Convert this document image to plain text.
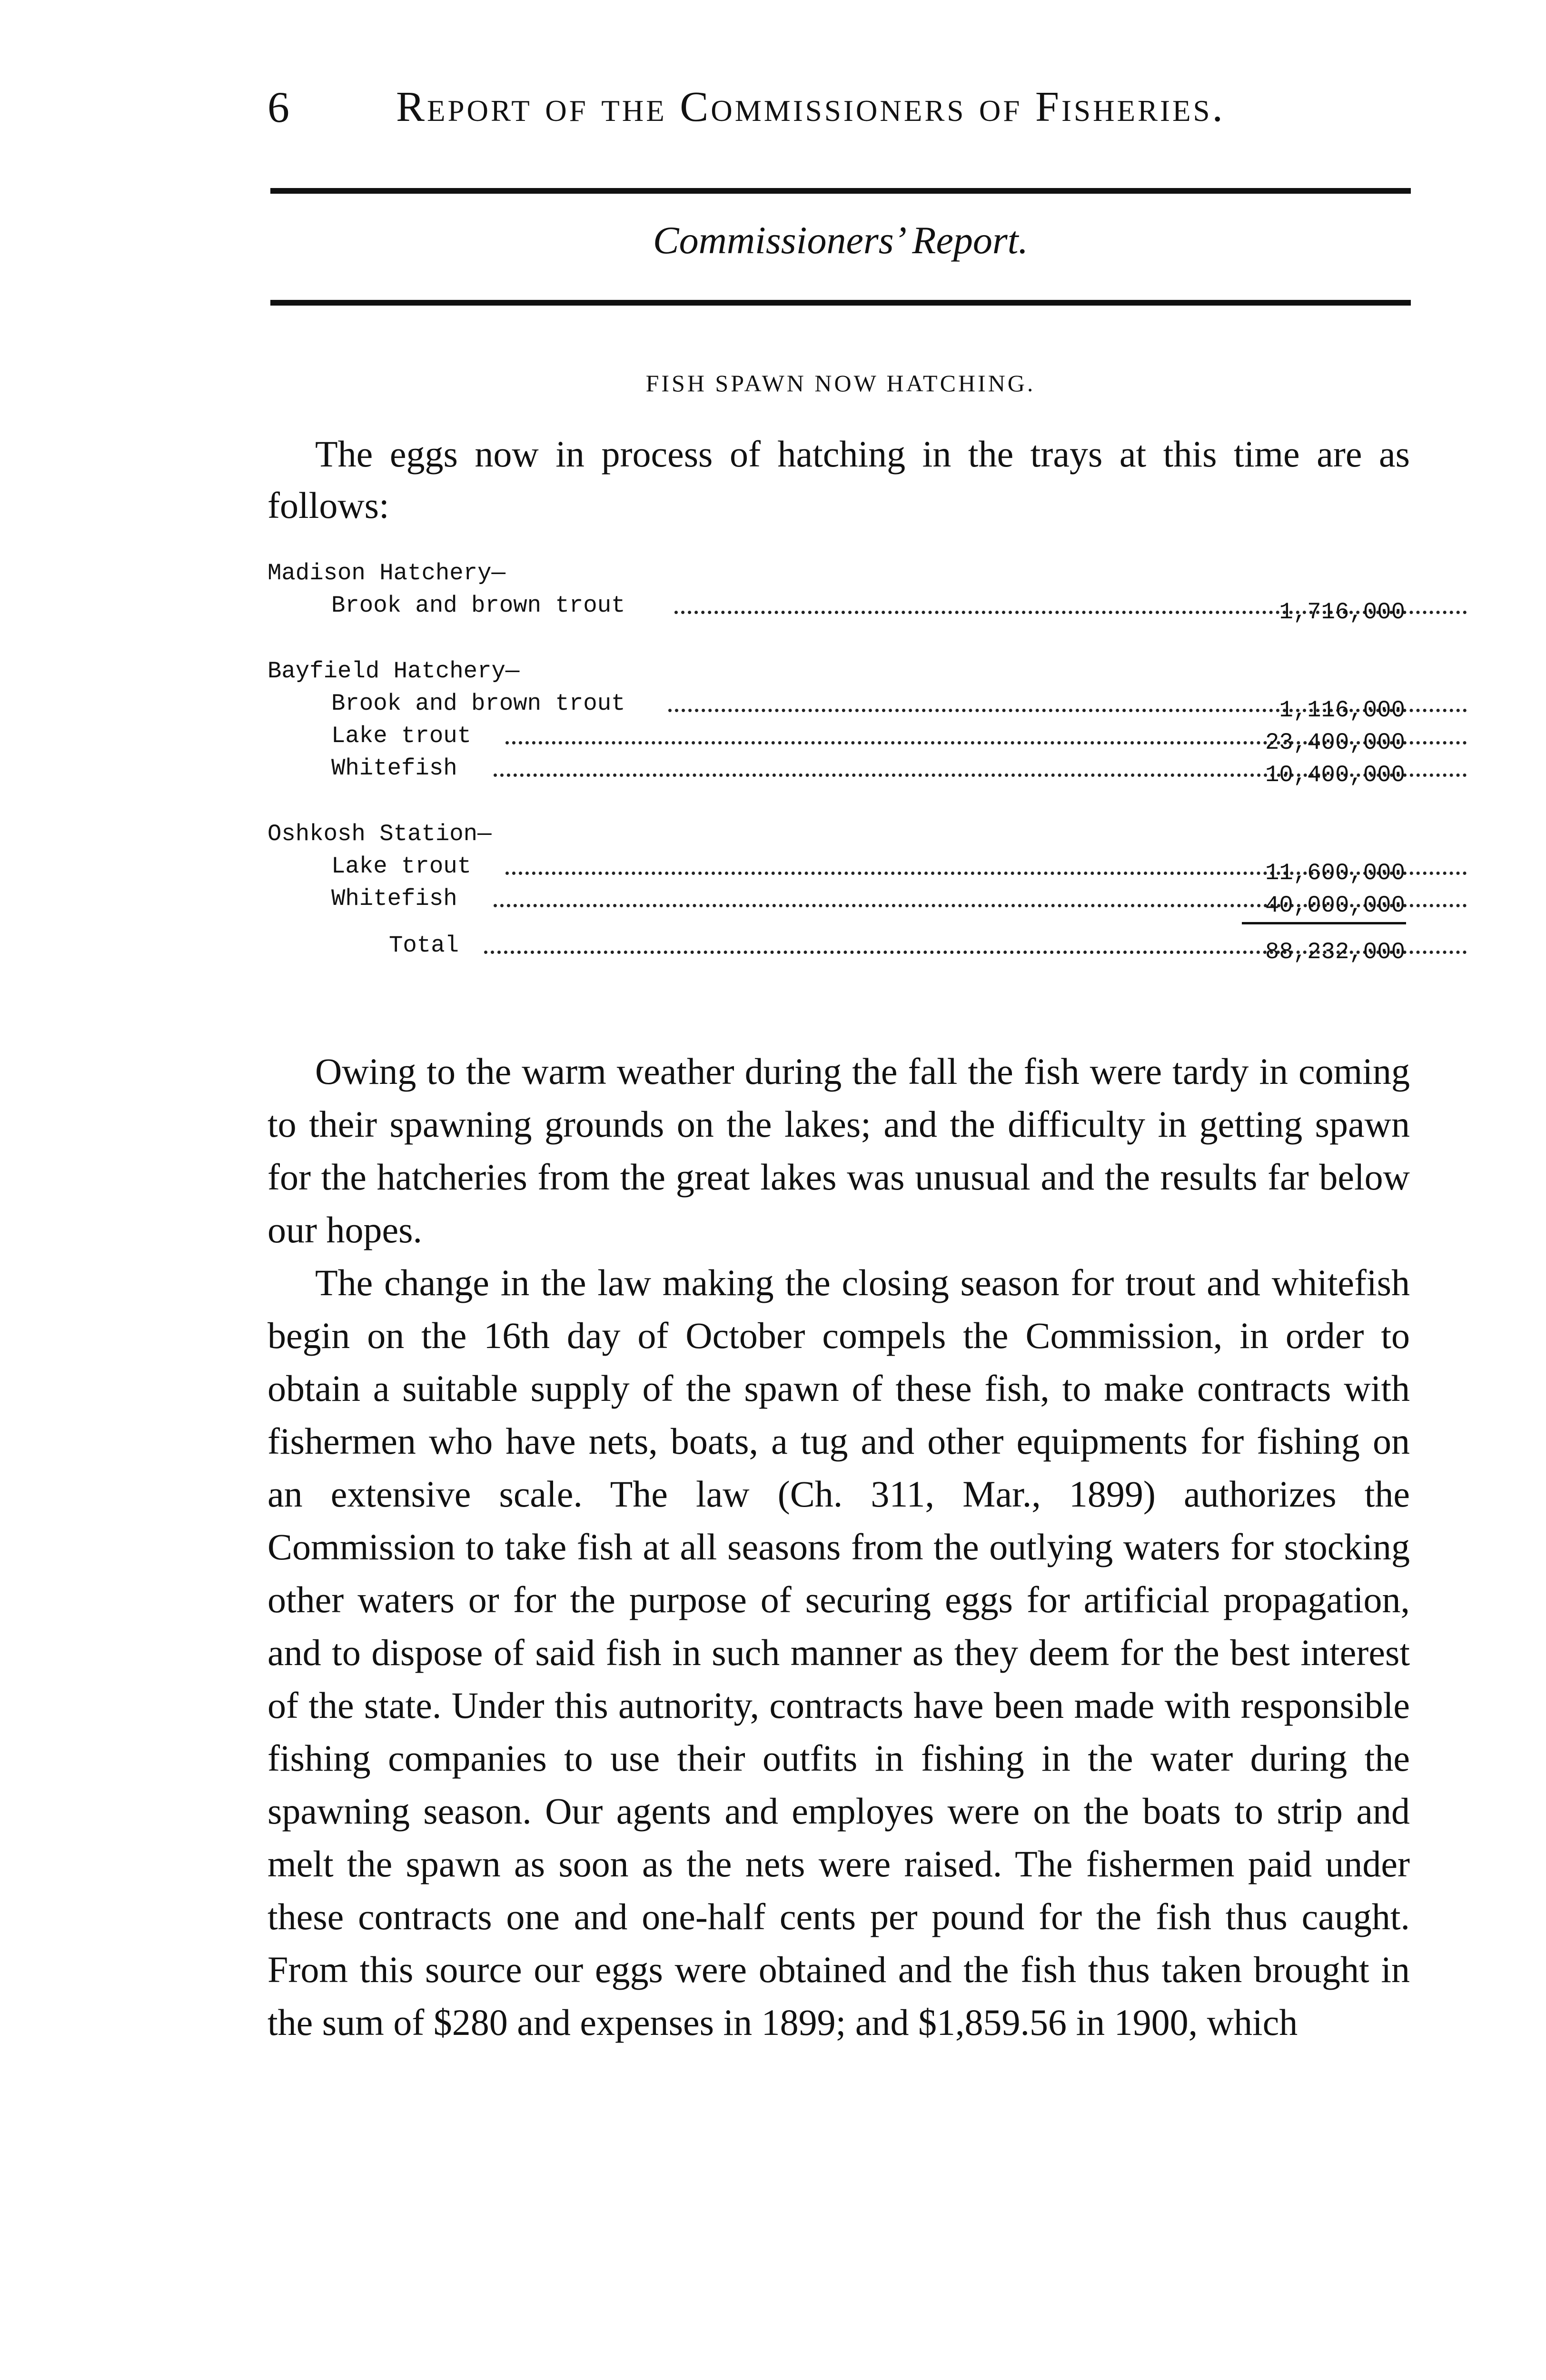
6 Report of the Commissioners of Fisheries.
Commissioners’ Report.
FISH SPAWN NOW HATCHING.
The eggs now in process of hatching in the trays at this time are as follows:
Madison Hatchery—
Brook and brown trout	1,716,000
Bayfield Hatchery—
Brook and brown trout	1,116,000
Lake trout	23,400,000
Whitefish	10,400,000
Oshkosh Station—
Lake trout	11,600,000
Whitefish	40,000,000
Total	88,232,000

Owing to the warm weather during the fall the fish were tardy in coming to their spawning grounds on the lakes; and the difficulty in getting spawn for the hatcheries from the great lakes was unusual and the results far below our hopes.

The change in the law making the closing season for trout and whitefish begin on the 16th day of October compels the Commission, in order to obtain a suitable supply of the spawn of these fish, to make contracts with fishermen who have nets, boats, a tug and other equipments for fishing on an extensive scale. The law (Ch. 311, Mar., 1899) authorizes the Commission to take fish at all seasons from the outlying waters for stocking other waters or for the purpose of securing eggs for artificial propagation, and to dispose of said fish in such manner as they deem for the best interest of the state. Under this autnority, contracts have been made with responsible fishing companies to use their outfits in fishing in the water during the spawning season. Our agents and employes were on the boats to strip and melt the spawn as soon as the nets were raised. The fishermen paid under these contracts one and one-half cents per pound for the fish thus caught. From this source our eggs were obtained and the fish thus taken brought in the sum of $280 and expenses in 1899; and $1,859.56 in 1900, which
